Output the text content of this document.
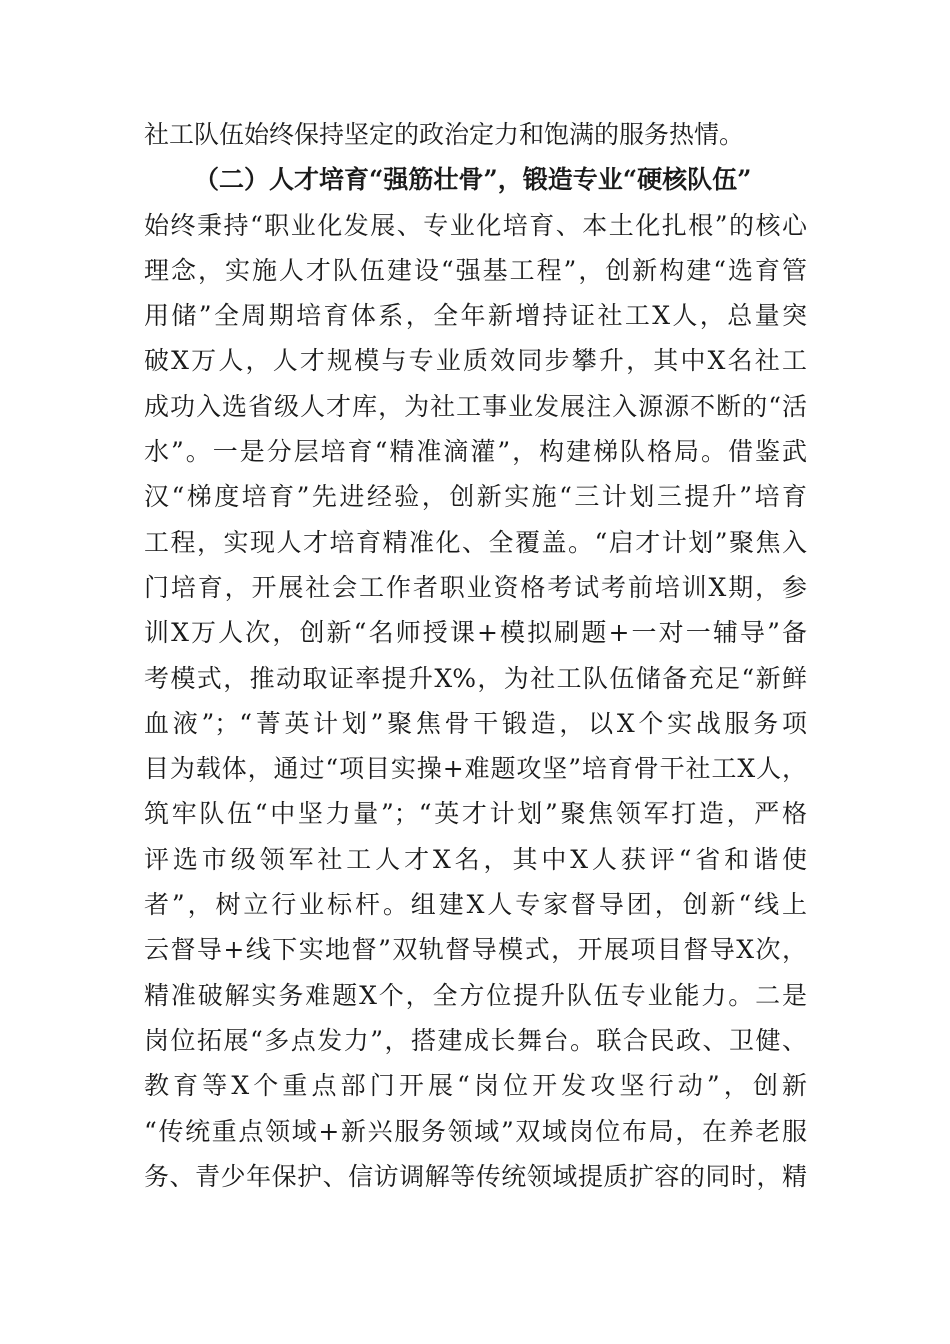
社工队伍始终保持坚定的政治定力和饱满的服务热情。
（二）人才培育“强筋壮骨”，锻造专业“硬核队伍”
始终秉持“职业化发展、专业化培育、本土化扎根”的核心
理念，实施人才队伍建设“强基工程”，创新构建“选育管
用储”全周期培育体系，全年新增持证社工X人，总量突
破X万人，人才规模与专业质效同步攀升，其中X名社工
成功入选省级人才库，为社工事业发展注入源源不断的“活
水”。一是分层培育“精准滴灌”，构建梯队格局。借鉴武
汉“梯度培育”先进经验，创新实施“三计划三提升”培育
工程，实现人才培育精准化、全覆盖。“启才计划”聚焦入
门培育，开展社会工作者职业资格考试考前培训X期，参
训X万人次，创新“名师授课+模拟刷题+一对一辅导”备
考模式，推动取证率提升X%，为社工队伍储备充足“新鲜
血液”；“菁英计划”聚焦骨干锻造，以X个实战服务项
目为载体，通过“项目实操+难题攻坚”培育骨干社工X人，
筑牢队伍“中坚力量”；“英才计划”聚焦领军打造，严格
评选市级领军社工人才X名，其中X人获评“省和谐使
者”，树立行业标杆。组建X人专家督导团，创新“线上
云督导+线下实地督”双轨督导模式，开展项目督导X次，
精准破解实务难题X个，全方位提升队伍专业能力。二是
岗位拓展“多点发力”，搭建成长舞台。联合民政、卫健、
教育等X个重点部门开展“岗位开发攻坚行动”，创新
“传统重点领域+新兴服务领域”双域岗位布局，在养老服
务、青少年保护、信访调解等传统领域提质扩容的同时，精
